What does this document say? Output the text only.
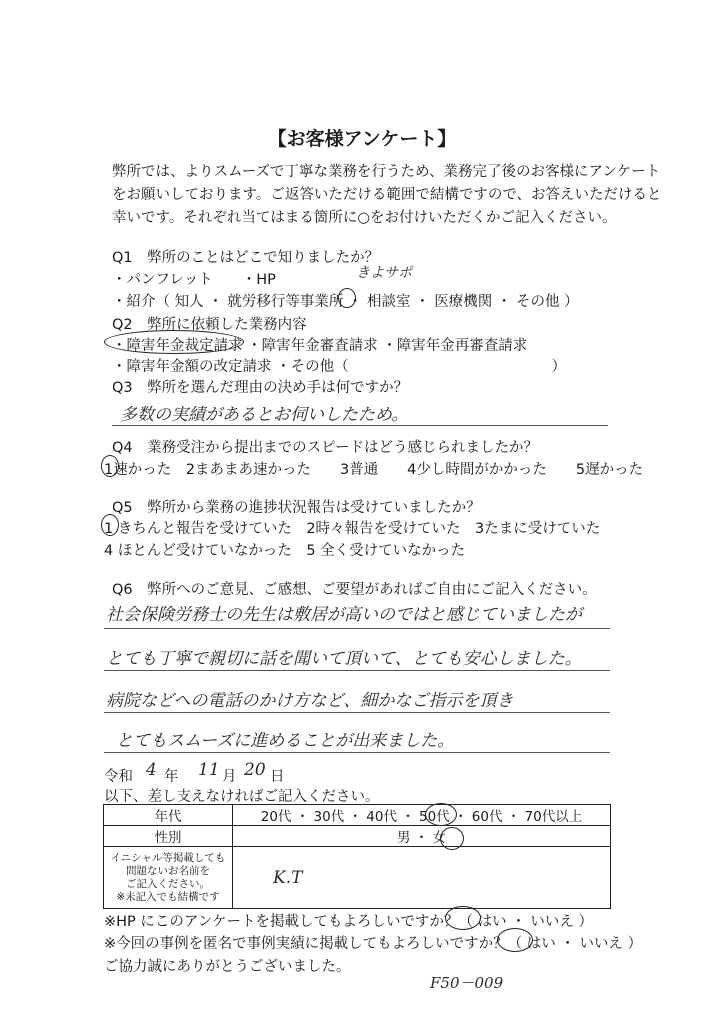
【お客様アンケート】
弊所では、よりスムーズで丁寧な業務を行うため、業務完了後のお客様にアンケート
をお願いしております。ご返答いただける範囲で結構ですので、お答えいただけると
幸いです。それぞれ当てはまる箇所に○をお付けいただくかご記入ください。
Q1　弊所のことはどこで知りましたか？
・パンフレット　　・HP	きよサポ
・紹介（ 知人 ・ 就労移行等事業所 ・ 相談室 ・ 医療機関 ・ その他 ）
Q2　弊所に依頼した業務内容
・障害年金裁定請求 ・障害年金審査請求 ・障害年金再審査請求
・障害年金額の改定請求 ・その他（　　　　　　　　　　　　　　）
Q3　弊所を選んだ理由の決め手は何ですか？
多数の実績があるとお伺いしたため。
Q4　業務受注から提出までのスピードはどう感じられましたか？
1速かった　2まあまあ速かった　　3普通　　4少し時間がかかった　　5遅かった
Q5　弊所から業務の進捗状況報告は受けていましたか？
1 きちんと報告を受けていた　2時々報告を受けていた　3たまに受けていた
4 ほとんど受けていなかった　5 全く受けていなかった
Q6　弊所へのご意見、ご感想、ご要望があればご自由にご記入ください。
社会保険労務士の先生は敷居が高いのではと感じていましたが
とても丁寧で親切に話を聞いて頂いて、とても安心しました。
病院などへの電話のかけ方など、細かなご指示を頂き
とてもスムーズに進めることが出来ました。
令和 4 年 11 月 20 日
以下、差し支えなければご記入ください。
年代	20代 ・ 30代 ・ 40代 ・ 50代 ・ 60代 ・ 70代以上
性別	男 ・ 女

イニシャル等掲載しても
問題ないお名前を
ご記入ください。
※未記入でも結構です	K.T
※HP にこのアンケートを掲載してもよろしいですか？（ はい ・ いいえ ）
※今回の事例を匿名で事例実績に掲載してもよろしいですか？（ はい ・ いいえ ）
ご協力誠にありがとうございました。
F50－009
